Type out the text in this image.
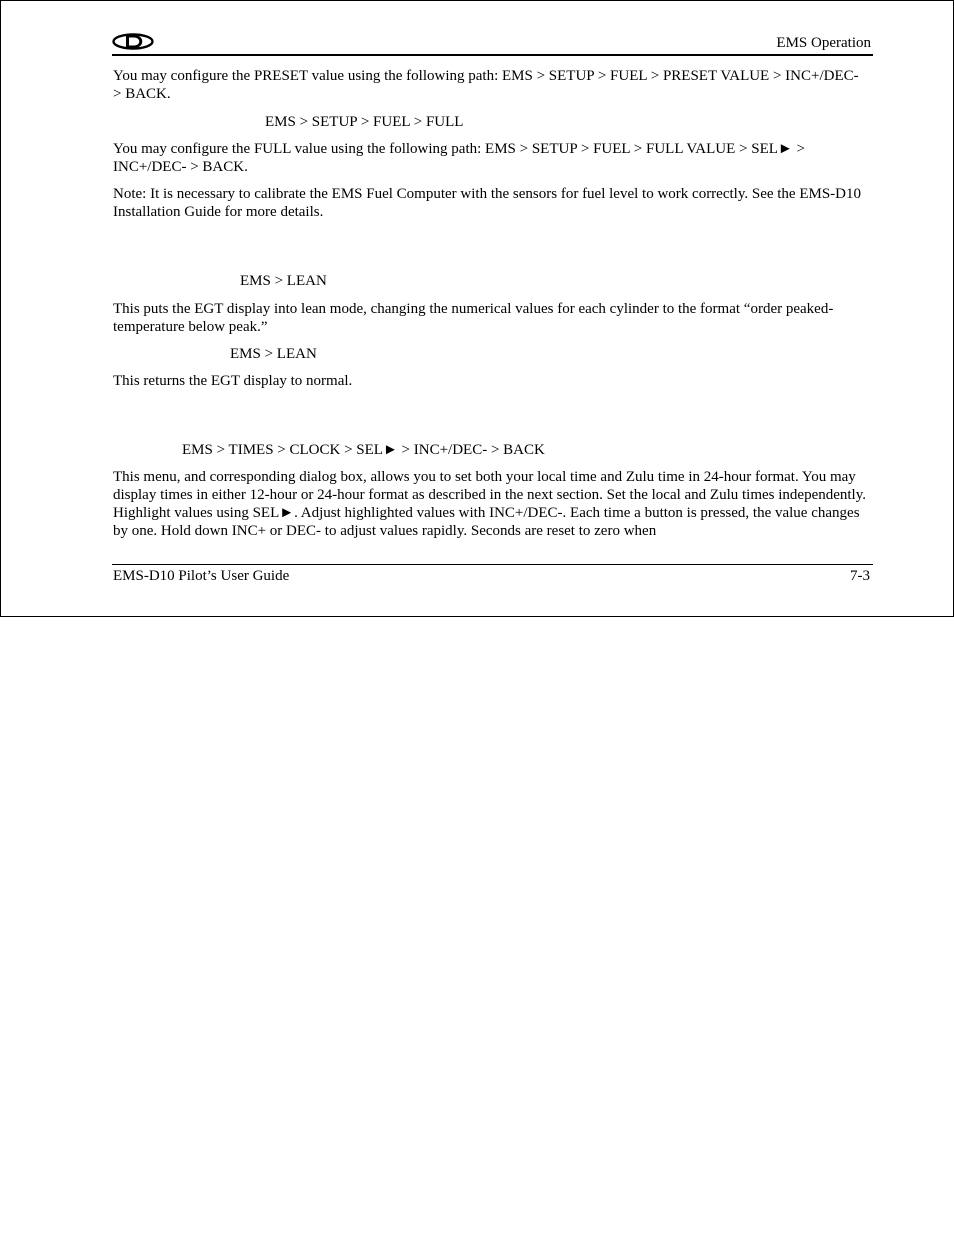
EMS Operation

You may configure the PRESET value using the following path: EMS > SETUP > FUEL > PRESET VALUE > INC+/DEC- > BACK.

EMS > SETUP > FUEL > FULL

You may configure the FULL value using the following path: EMS > SETUP > FUEL > FULL VALUE > SEL► > INC+/DEC- > BACK.

Note: It is necessary to calibrate the EMS Fuel Computer with the sensors for fuel level to work correctly. See the EMS-D10 Installation Guide for more details.

EMS > LEAN

This puts the EGT display into lean mode, changing the numerical values for each cylinder to the format “order peaked-temperature below peak.”

EMS > LEAN

This returns the EGT display to normal.

EMS > TIMES > CLOCK > SEL► > INC+/DEC- > BACK

This menu, and corresponding dialog box, allows you to set both your local time and Zulu time in 24-hour format. You may display times in either 12-hour or 24-hour format as described in the next section. Set the local and Zulu times independently. Highlight values using SEL►. Adjust highlighted values with INC+/DEC-. Each time a button is pressed, the value changes by one. Hold down INC+ or DEC- to adjust values rapidly. Seconds are reset to zero when

EMS-D10 Pilot’s User Guide	7-3
